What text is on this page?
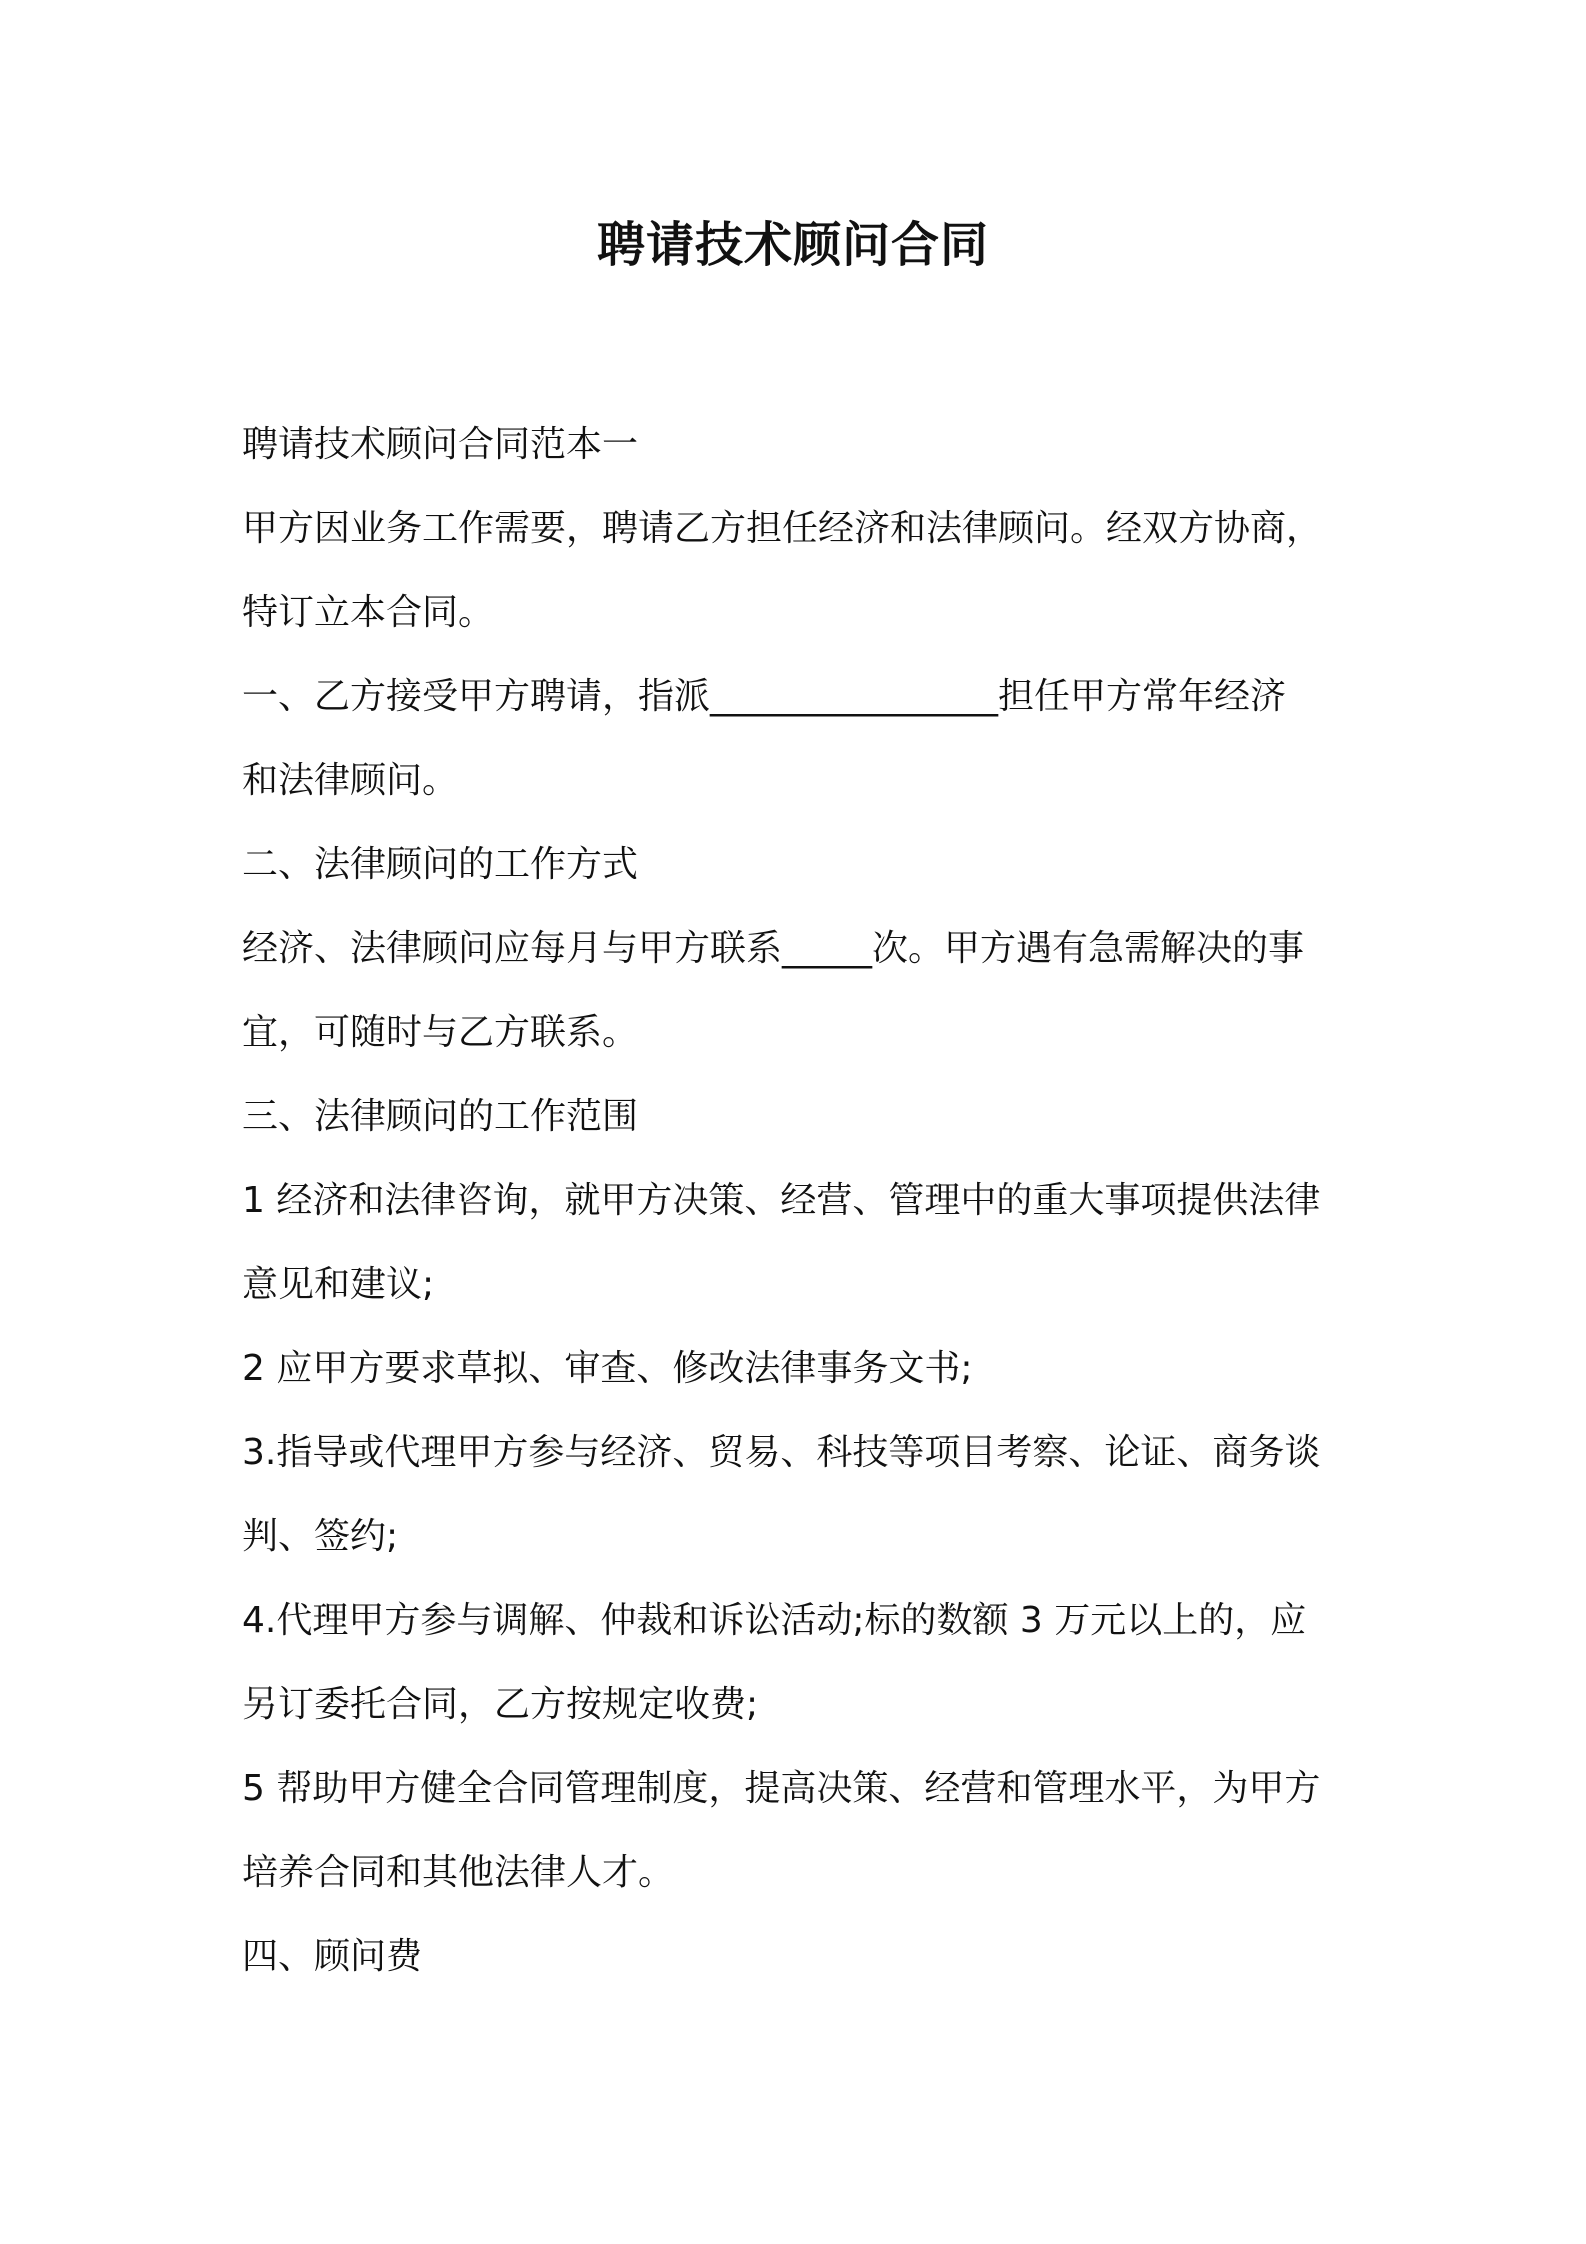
聘请技术顾问合同

聘请技术顾问合同范本一

甲方因业务工作需要，聘请乙方担任经济和法律顾问。经双方协商，

特订立本合同。

一、乙方接受甲方聘请，指派________________担任甲方常年经济

和法律顾问。

二、法律顾问的工作方式

经济、法律顾问应每月与甲方联系_____次。甲方遇有急需解决的事

宜，可随时与乙方联系。

三、法律顾问的工作范围

1 经济和法律咨询，就甲方决策、经营、管理中的重大事项提供法律

意见和建议;

2 应甲方要求草拟、审查、修改法律事务文书;

3.指导或代理甲方参与经济、贸易、科技等项目考察、论证、商务谈

判、签约;

4.代理甲方参与调解、仲裁和诉讼活动;标的数额 3 万元以上的，应

另订委托合同，乙方按规定收费;

5 帮助甲方健全合同管理制度，提高决策、经营和管理水平，为甲方

培养合同和其他法律人才。

四、顾问费
